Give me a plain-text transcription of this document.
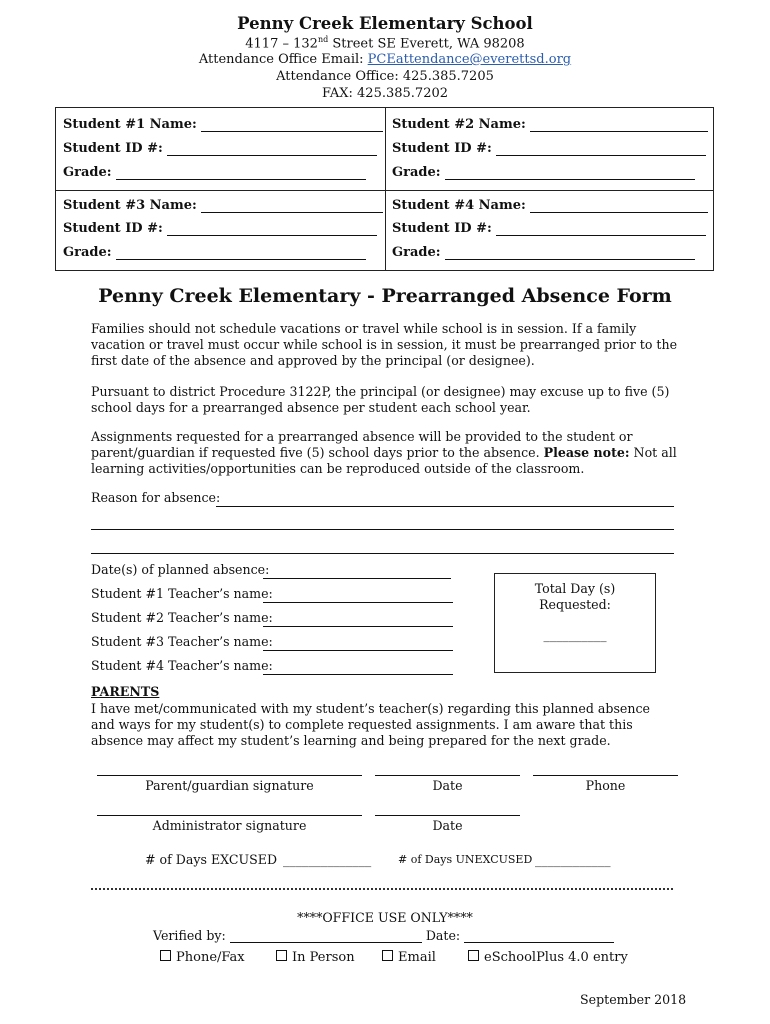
Penny Creek Elementary School
4117 – 132nd Street SE Everett, WA 98208
Attendance Office Email: PCEattendance@everettsd.org
Attendance Office: 425.385.7205
FAX: 425.385.7202
Student #1 Name:
Student ID #:
Grade:
Student #2 Name:
Student ID #:
Grade:
Student #3 Name:
Student ID #:
Grade:
Student #4 Name:
Student ID #:
Grade:
Penny Creek Elementary - Prearranged Absence Form
Families should not schedule vacations or travel while school is in session. If a family vacation or travel must occur while school is in session, it must be prearranged prior to the first date of the absence and approved by the principal (or designee).
Pursuant to district Procedure 3122P, the principal (or designee) may excuse up to five (5) school days for a prearranged absence per student each school year.
Assignments requested for a prearranged absence will be provided to the student or parent/guardian if requested five (5) school days prior to the absence. Please note: Not all learning activities/opportunities can be reproduced outside of the classroom.
Reason for absence:
Date(s) of planned absence:
Student #1 Teacher’s name:
Student #2 Teacher’s name:
Student #3 Teacher’s name:
Student #4 Teacher’s name:
Total Day (s)
Requested:
__________
PARENTS
I have met/communicated with my student’s teacher(s) regarding this planned absence and ways for my student(s) to complete requested assignments. I am aware that this absence may affect my student’s learning and being prepared for the next grade.
Parent/guardian signature	Date	Phone
Administrator signature	Date
# of Days EXCUSED ______________ # of Days UNEXCUSED ____________
****OFFICE USE ONLY****
Verified by:	Date:
Phone/Fax	In Person	Email	eSchoolPlus 4.0 entry
September 2018
